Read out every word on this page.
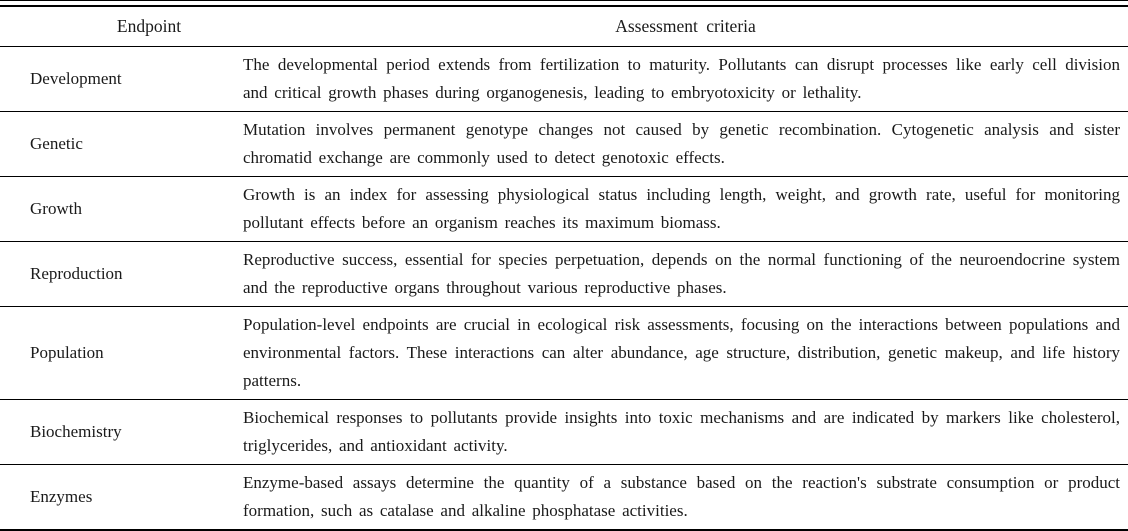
Endpoint	Assessment criteria
Development	The developmental period extends from fertilization to maturity. Pollutants can disrupt processes like early cell division and critical growth phases during organogenesis, leading to embryotoxicity or lethality.
Genetic	Mutation involves permanent genotype changes not caused by genetic recombination. Cytogenetic analysis and sister chromatid exchange are commonly used to detect genotoxic effects.
Growth	Growth is an index for assessing physiological status including length, weight, and growth rate, useful for monitoring pollutant effects before an organism reaches its maximum biomass.
Reproduction	Reproductive success, essential for species perpetuation, depends on the normal functioning of the neuroendocrine system and the reproductive organs throughout various reproductive phases.
Population	Population-level endpoints are crucial in ecological risk assessments, focusing on the interactions between populations and environmental factors. These interactions can alter abundance, age structure, distribution, genetic makeup, and life history patterns.
Biochemistry	Biochemical responses to pollutants provide insights into toxic mechanisms and are indicated by markers like cholesterol, triglycerides, and antioxidant activity.
Enzymes	Enzyme-based assays determine the quantity of a substance based on the reaction's substrate consumption or product formation, such as catalase and alkaline phosphatase activities.
